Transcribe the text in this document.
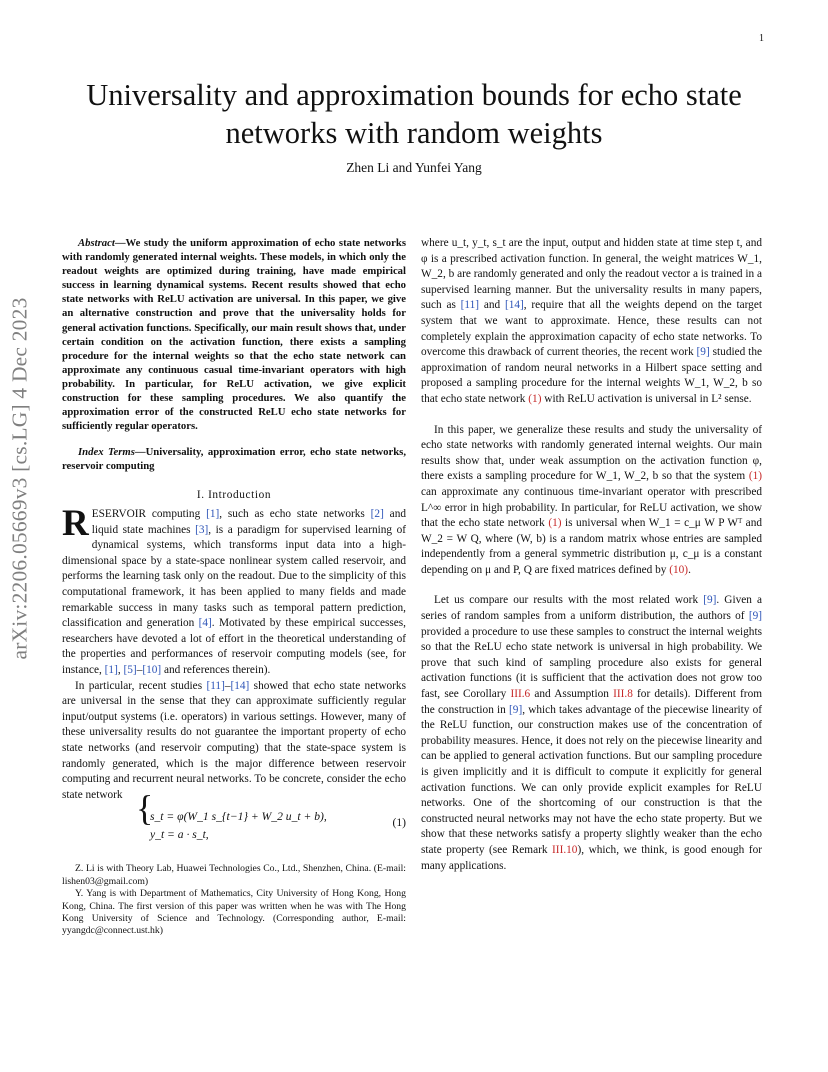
1
arXiv:2206.05669v3 [cs.LG] 4 Dec 2023
Universality and approximation bounds for echo state networks with random weights
Zhen Li and Yunfei Yang

Abstract—We study the uniform approximation of echo state networks with randomly generated internal weights. These models, in which only the readout weights are optimized during training, have made empirical success in learning dynamical systems. Recent results showed that echo state networks with ReLU activation are universal. In this paper, we give an alternative construction and prove that the universality holds for general activation functions. Specifically, our main result shows that, under certain condition on the activation function, there exists a sampling procedure for the internal weights so that the echo state network can approximate any continuous casual time-invariant operators with high probability. In particular, for ReLU activation, we give explicit construction for these sampling procedures. We also quantify the approximation error of the constructed ReLU echo state networks for sufficiently regular operators.

Index Terms—Universality, approximation error, echo state networks, reservoir computing

I. Introduction

RESERVOIR computing [1], such as echo state networks [2] and liquid state machines [3], is a paradigm for supervised learning of dynamical systems, which transforms input data into a high-dimensional space by a state-space nonlinear system called reservoir, and performs the learning task only on the readout. Due to the simplicity of this computational framework, it has been applied to many fields and made remarkable success in many tasks such as temporal pattern prediction, classification and generation [4]. Motivated by these empirical successes, researchers have devoted a lot of effort in the theoretical understanding of the properties and performances of reservoir computing models (see, for instance, [1], [5]–[10] and references therein).

In particular, recent studies [11]–[14] showed that echo state networks are universal in the sense that they can approximate sufficiently regular input/output systems (i.e. operators) in various settings. However, many of these universality results do not guarantee the important property of echo state networks (and reservoir computing) that the state-space system is randomly generated, which is the major difference between reservoir computing and recurrent neural networks. To be concrete, consider the echo state network {
s_t = φ(W_1 s_{t−1} + W_2 u_t + b),
y_t = a · s_t,
(1)

Z. Li is with Theory Lab, Huawei Technologies Co., Ltd., Shenzhen, China. (E-mail: lishen03@gmail.com)

Y. Yang is with Department of Mathematics, City University of Hong Kong, Hong Kong, China. The first version of this paper was written when he was with The Hong Kong University of Science and Technology. (Corresponding author, E-mail: yyangdc@connect.ust.hk)

where u_t, y_t, s_t are the input, output and hidden state at time step t, and φ is a prescribed activation function. In general, the weight matrices W_1, W_2, b are randomly generated and only the readout vector a is trained in a supervised learning manner. But the universality results in many papers, such as [11] and [14], require that all the weights depend on the target system that we want to approximate. Hence, these results can not completely explain the approximation capacity of echo state networks. To overcome this drawback of current theories, the recent work [9] studied the approximation of random neural networks in a Hilbert space setting and proposed a sampling procedure for the internal weights W_1, W_2, b so that echo state network (1) with ReLU activation is universal in L² sense.

In this paper, we generalize these results and study the universality of echo state networks with randomly generated internal weights. Our main results show that, under weak assumption on the activation function φ, there exists a sampling procedure for W_1, W_2, b so that the system (1) can approximate any continuous time-invariant operator with prescribed L^∞ error in high probability. In particular, for ReLU activation, we show that the echo state network (1) is universal when W_1 = c_μ W P Wᵀ and W_2 = W Q, where (W, b) is a random matrix whose entries are sampled independently from a general symmetric distribution μ, c_μ is a constant depending on μ and P, Q are fixed matrices defined by (10).

Let us compare our results with the most related work [9]. Given a series of random samples from a uniform distribution, the authors of [9] provided a procedure to use these samples to construct the internal weights so that the ReLU echo state network is universal in high probability. We prove that such kind of sampling procedure also exists for general activation functions (it is sufficient that the activation does not grow too fast, see Corollary III.6 and Assumption III.8 for details). Different from the construction in [9], which takes advantage of the piecewise linearity of the ReLU function, our construction makes use of the concentration of probability measures. Hence, it does not rely on the piecewise linearity and can be applied to general activation functions. But our sampling procedure is given implicitly and it is difficult to compute it explicitly for general activation functions. We can only provide explicit examples for ReLU networks. One of the shortcoming of our construction is that the constructed neural networks may not have the echo state property. But we show that these networks satisfy a property slightly weaker than the echo state property (see Remark III.10), which, we think, is good enough for many applications.
